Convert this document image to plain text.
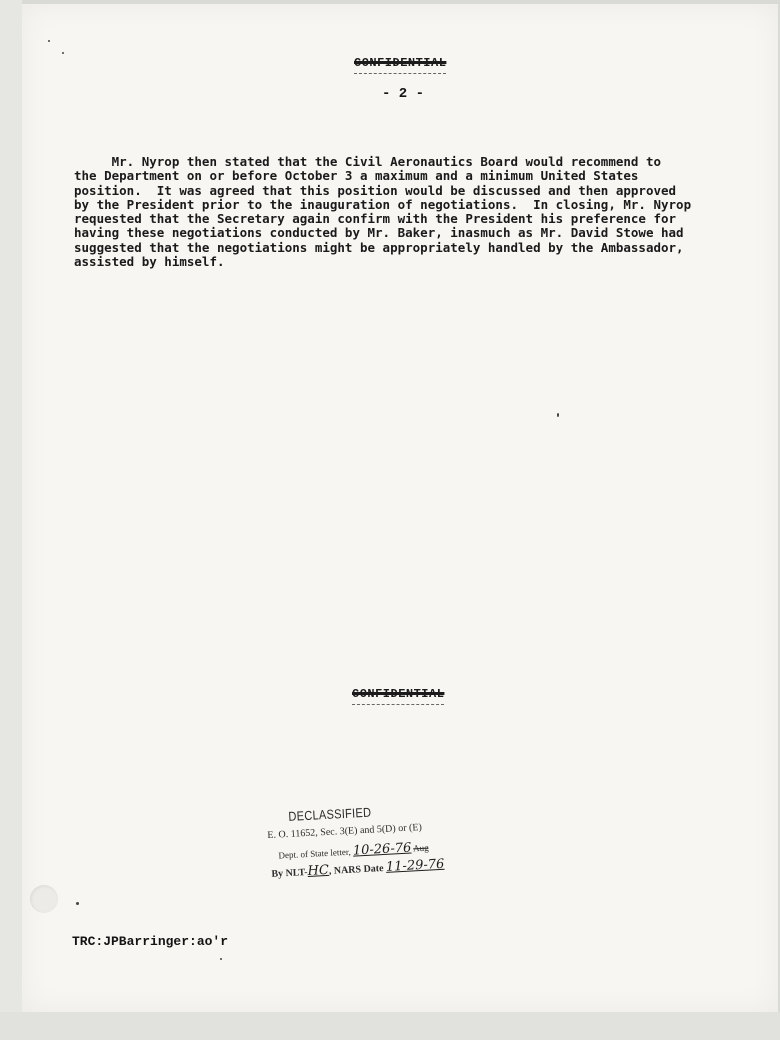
CONFIDENTIAL
- 2 -
Mr. Nyrop then stated that the Civil Aeronautics Board would recommend to
the Department on or before October 3 a maximum and a minimum United States
position.  It was agreed that this position would be discussed and then approved
by the President prior to the inauguration of negotiations.  In closing, Mr. Nyrop
requested that the Secretary again confirm with the President his preference for
having these negotiations conducted by Mr. Baker, inasmuch as Mr. David Stowe had
suggested that the negotiations might be appropriately handled by the Ambassador,
assisted by himself.
CONFIDENTIAL
DECLASSIFIED
E. O. 11652, Sec. 3(E) and 5(D) or (E)
Dept. of State letter, 10-26-76 Aug
By NLT-HC, NARS Date 11-29-76
TRC:JPBarringer:ao'r
